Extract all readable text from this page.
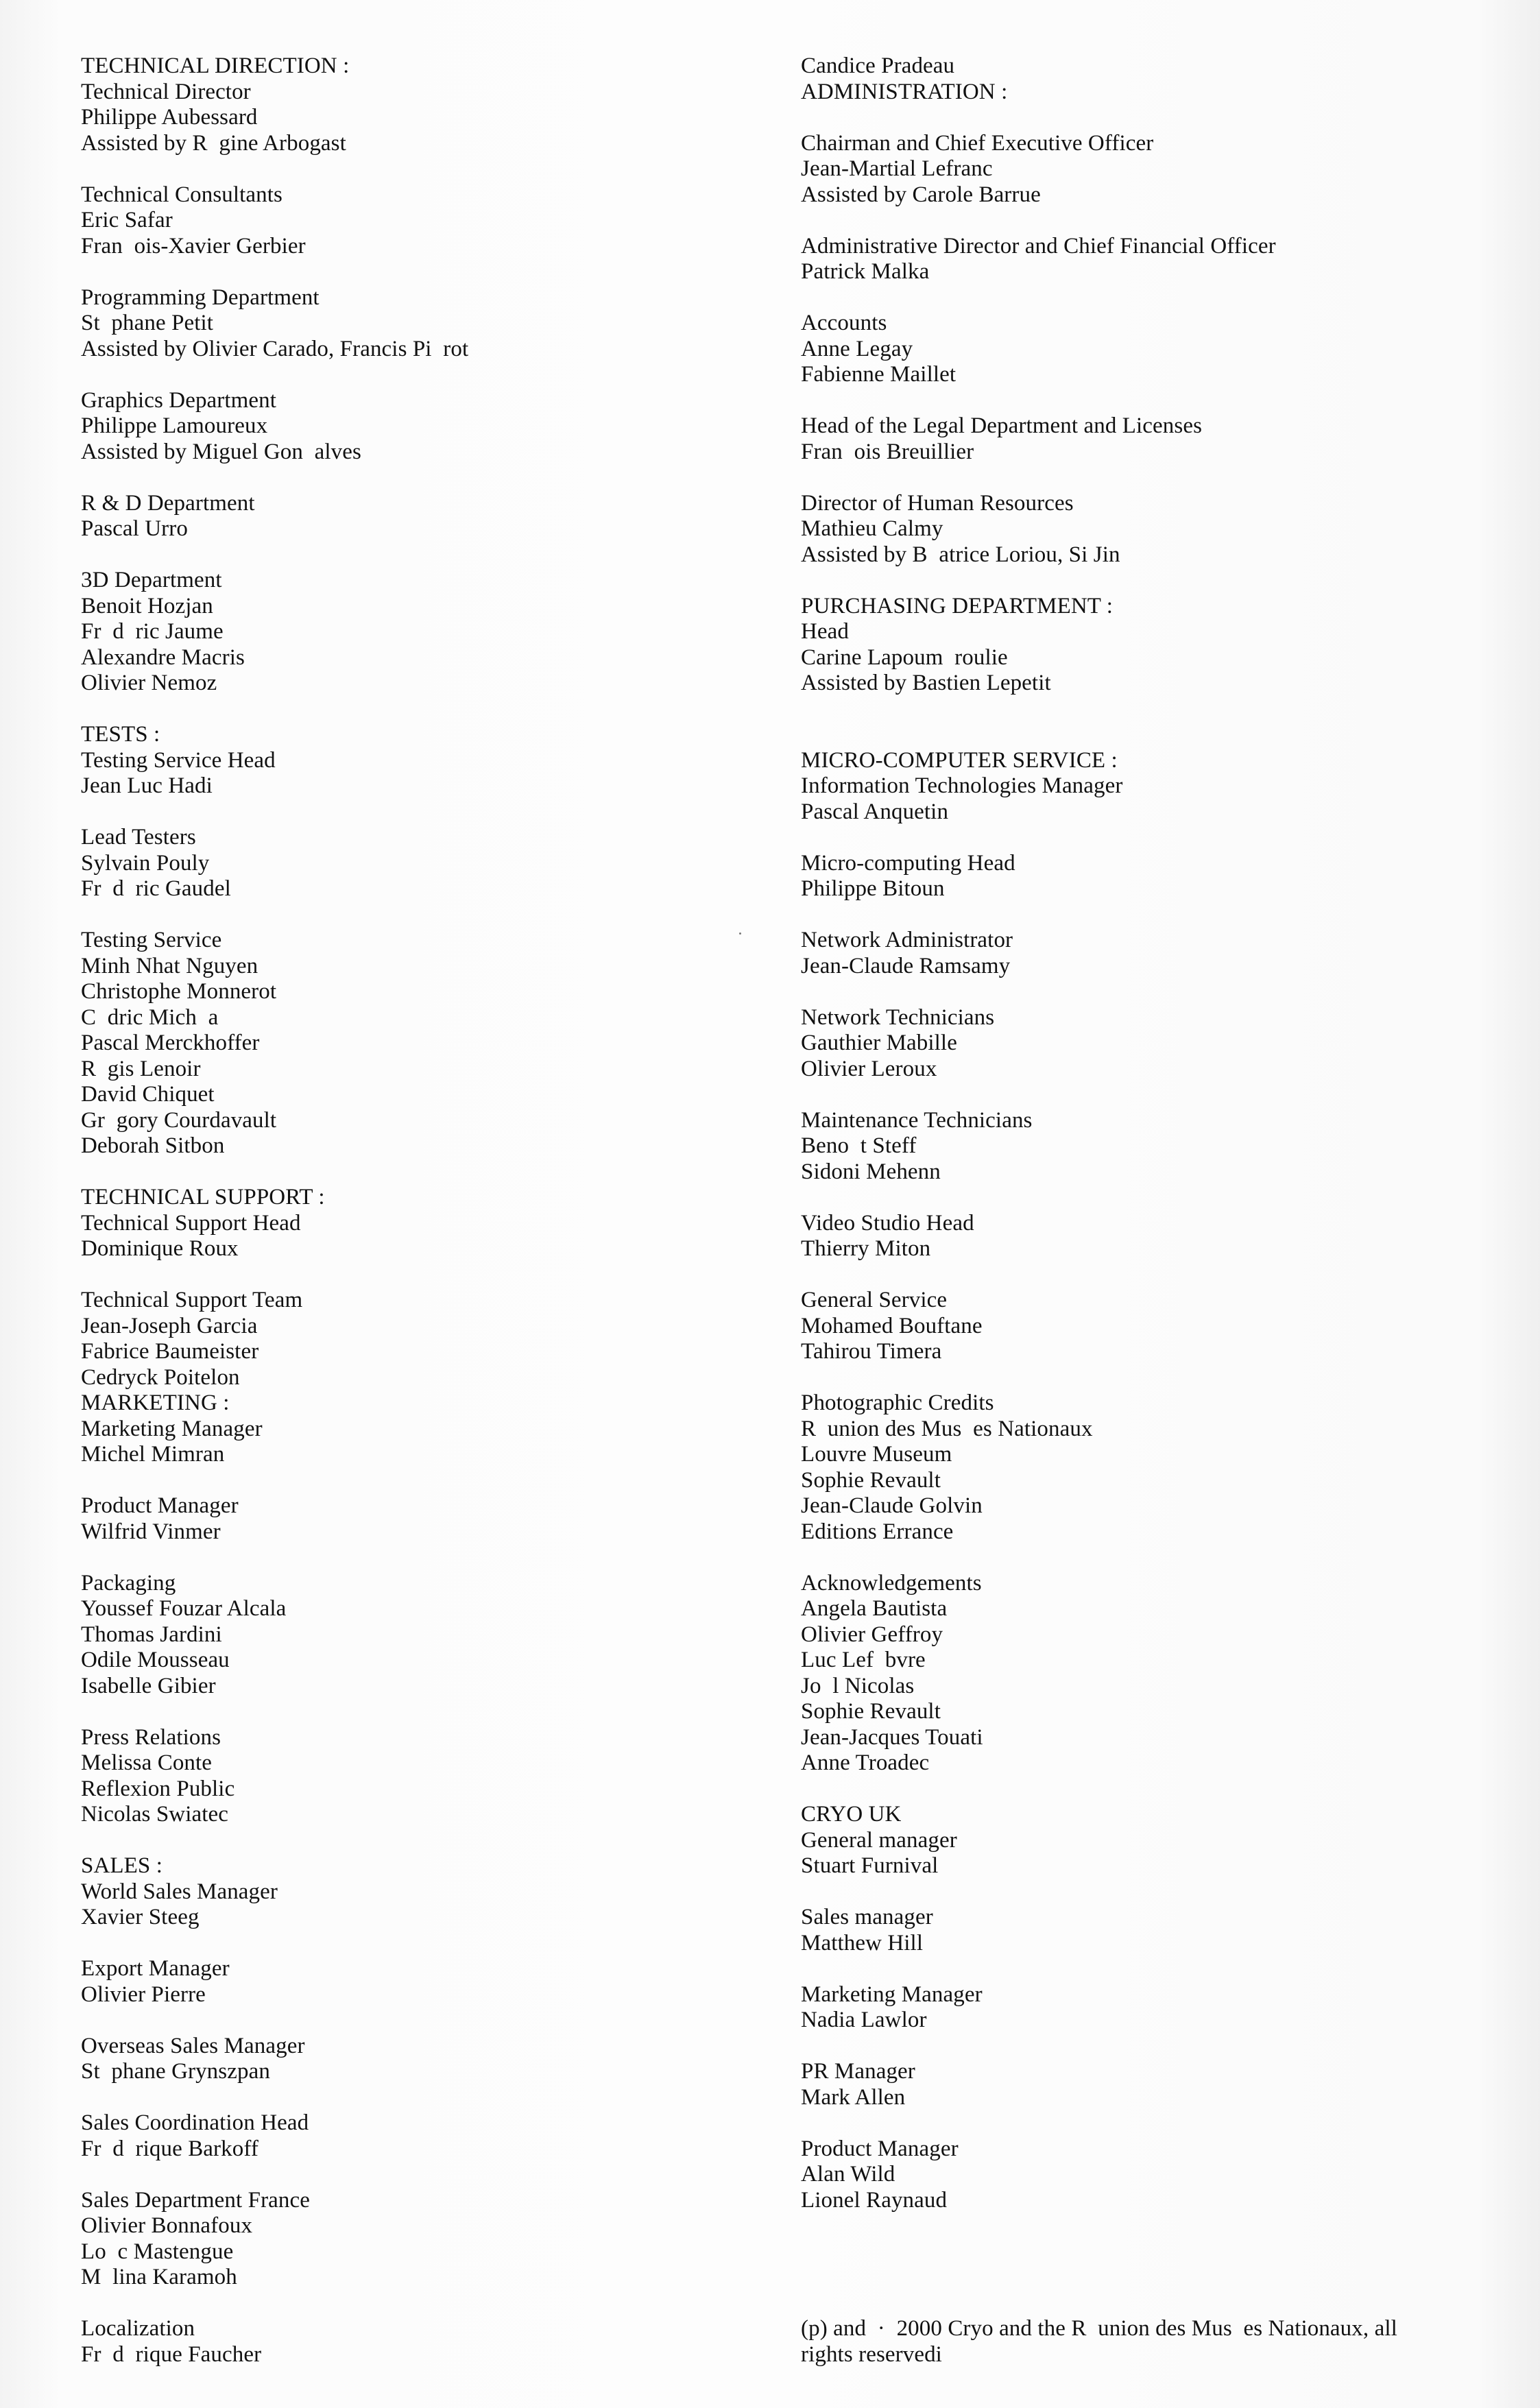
TECHNICAL DIRECTION :
Technical Director
Philippe Aubessard
Assisted by R  gine Arbogast
Technical Consultants
Eric Safar
Fran  ois-Xavier Gerbier
Programming Department
St  phane Petit
Assisted by Olivier Carado, Francis Pi  rot
Graphics Department
Philippe Lamoureux
Assisted by Miguel Gon  alves
R & D Department
Pascal Urro
3D Department
Benoit Hozjan
Fr  d  ric Jaume
Alexandre Macris
Olivier Nemoz
TESTS :
Testing Service Head
Jean Luc Hadi
Lead Testers
Sylvain Pouly
Fr  d  ric Gaudel
Testing Service
Minh Nhat Nguyen
Christophe Monnerot
C  dric Mich  a
Pascal Merckhoffer
R  gis Lenoir
David Chiquet
Gr  gory Courdavault
Deborah Sitbon
TECHNICAL SUPPORT :
Technical Support Head
Dominique Roux
Technical Support Team
Jean-Joseph Garcia
Fabrice Baumeister
Cedryck Poitelon
MARKETING :
Marketing Manager
Michel Mimran
Product Manager
Wilfrid Vinmer
Packaging
Youssef Fouzar Alcala
Thomas Jardini
Odile Mousseau
Isabelle Gibier
Press Relations
Melissa Conte
Reflexion Public
Nicolas Swiatec
SALES :
World Sales Manager
Xavier Steeg
Export Manager
Olivier Pierre
Overseas Sales Manager
St  phane Grynszpan
Sales Coordination Head
Fr  d  rique Barkoff
Sales Department France
Olivier Bonnafoux
Lo  c Mastengue
M  lina Karamoh
Localization
Fr  d  rique Faucher
Candice Pradeau
ADMINISTRATION :
Chairman and Chief Executive Officer
Jean-Martial Lefranc
Assisted by Carole Barrue
Administrative Director and Chief Financial Officer
Patrick Malka
Accounts
Anne Legay
Fabienne Maillet
Head of the Legal Department and Licenses
Fran  ois Breuillier
Director of Human Resources
Mathieu Calmy
Assisted by B  atrice Loriou, Si Jin
PURCHASING DEPARTMENT :
Head
Carine Lapoum  roulie
Assisted by Bastien Lepetit
MICRO-COMPUTER SERVICE :
Information Technologies Manager
Pascal Anquetin
Micro-computing Head
Philippe Bitoun
Network Administrator
Jean-Claude Ramsamy
Network Technicians
Gauthier Mabille
Olivier Leroux
Maintenance Technicians
Beno  t Steff
Sidoni Mehenn
Video Studio Head
Thierry Miton
General Service
Mohamed Bouftane
Tahirou Timera
Photographic Credits
R  union des Mus  es Nationaux
Louvre Museum
Sophie Revault
Jean-Claude Golvin
Editions Errance
Acknowledgements
Angela Bautista
Olivier Geffroy
Luc Lef  bvre
Jo  l Nicolas
Sophie Revault
Jean-Jacques Touati
Anne Troadec
CRYO UK
General manager
Stuart Furnival
Sales manager
Matthew Hill
Marketing Manager
Nadia Lawlor
PR Manager
Mark Allen
Product Manager
Alan Wild
Lionel Raynaud
(p) and  ·  2000 Cryo and the R  union des Mus  es Nationaux, all
rights reservedi
